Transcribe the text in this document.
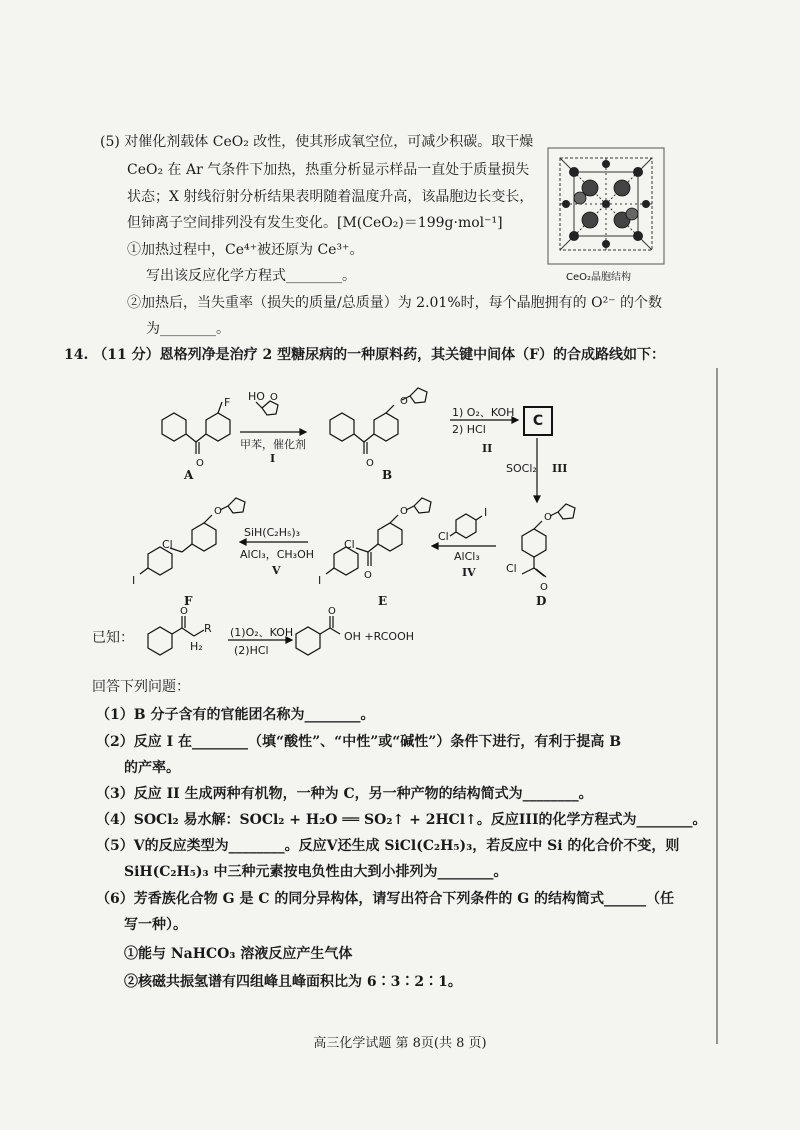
(5) 对催化剂载体 CeO₂ 改性，使其形成氧空位，可减少积碳。取干燥
CeO₂ 在 Ar 气条件下加热，热重分析显示样品一直处于质量损失
状态；X 射线衍射分析结果表明随着温度升高，该晶胞边长变长，
但铈离子空间排列没有发生变化。[M(CeO₂)＝199g·mol⁻¹]
①加热过程中，Ce⁴⁺被还原为 Ce³⁺。
写出该反应化学方程式________。
②加热后，当失重率（损失的质量/总质量）为 2.01%时，每个晶胞拥有的 O²⁻ 的个数
为________。
CeO₂晶胞结构
14. （11 分）恩格列净是治疗 2 型糖尿病的一种原料药，其关键中间体（F）的合成路线如下：
O
O
O
O
O
O
O
O
O	O
O
F HO
甲苯，催化剂
I
1) O₂、KOH
2) HCl
II
C
SOCl₂ III
Cl
Cl
I
AlCl₃
IV
Cl
I
SiH(C₂H₅)₃
AlCl₃，CH₃OH
V
Cl
I
A	B
D
E
F
已知：
R
H₂
(1)O₂、KOH
(2)HCl
OH +RCOOH
回答下列问题：
（1）B 分子含有的官能团名称为________。
（2）反应 I 在________（填“酸性”、“中性”或“碱性”）条件下进行，有利于提高 B
的产率。
（3）反应 II 生成两种有机物，一种为 C，另一种产物的结构简式为________。
（4）SOCl₂ 易水解：SOCl₂ + H₂O ══ SO₂↑ + 2HCl↑。反应III的化学方程式为________。
（5）V的反应类型为________。反应V还生成 SiCl(C₂H₅)₃，若反应中 Si 的化合价不变，则
SiH(C₂H₅)₃ 中三种元素按电负性由大到小排列为________。
（6）芳香族化合物 G 是 C 的同分异构体，请写出符合下列条件的 G 的结构简式______（任
写一种）。
①能与 NaHCO₃ 溶液反应产生气体
②核磁共振氢谱有四组峰且峰面积比为 6∶3∶2∶1。
高三化学试题 第 8页(共 8 页)
